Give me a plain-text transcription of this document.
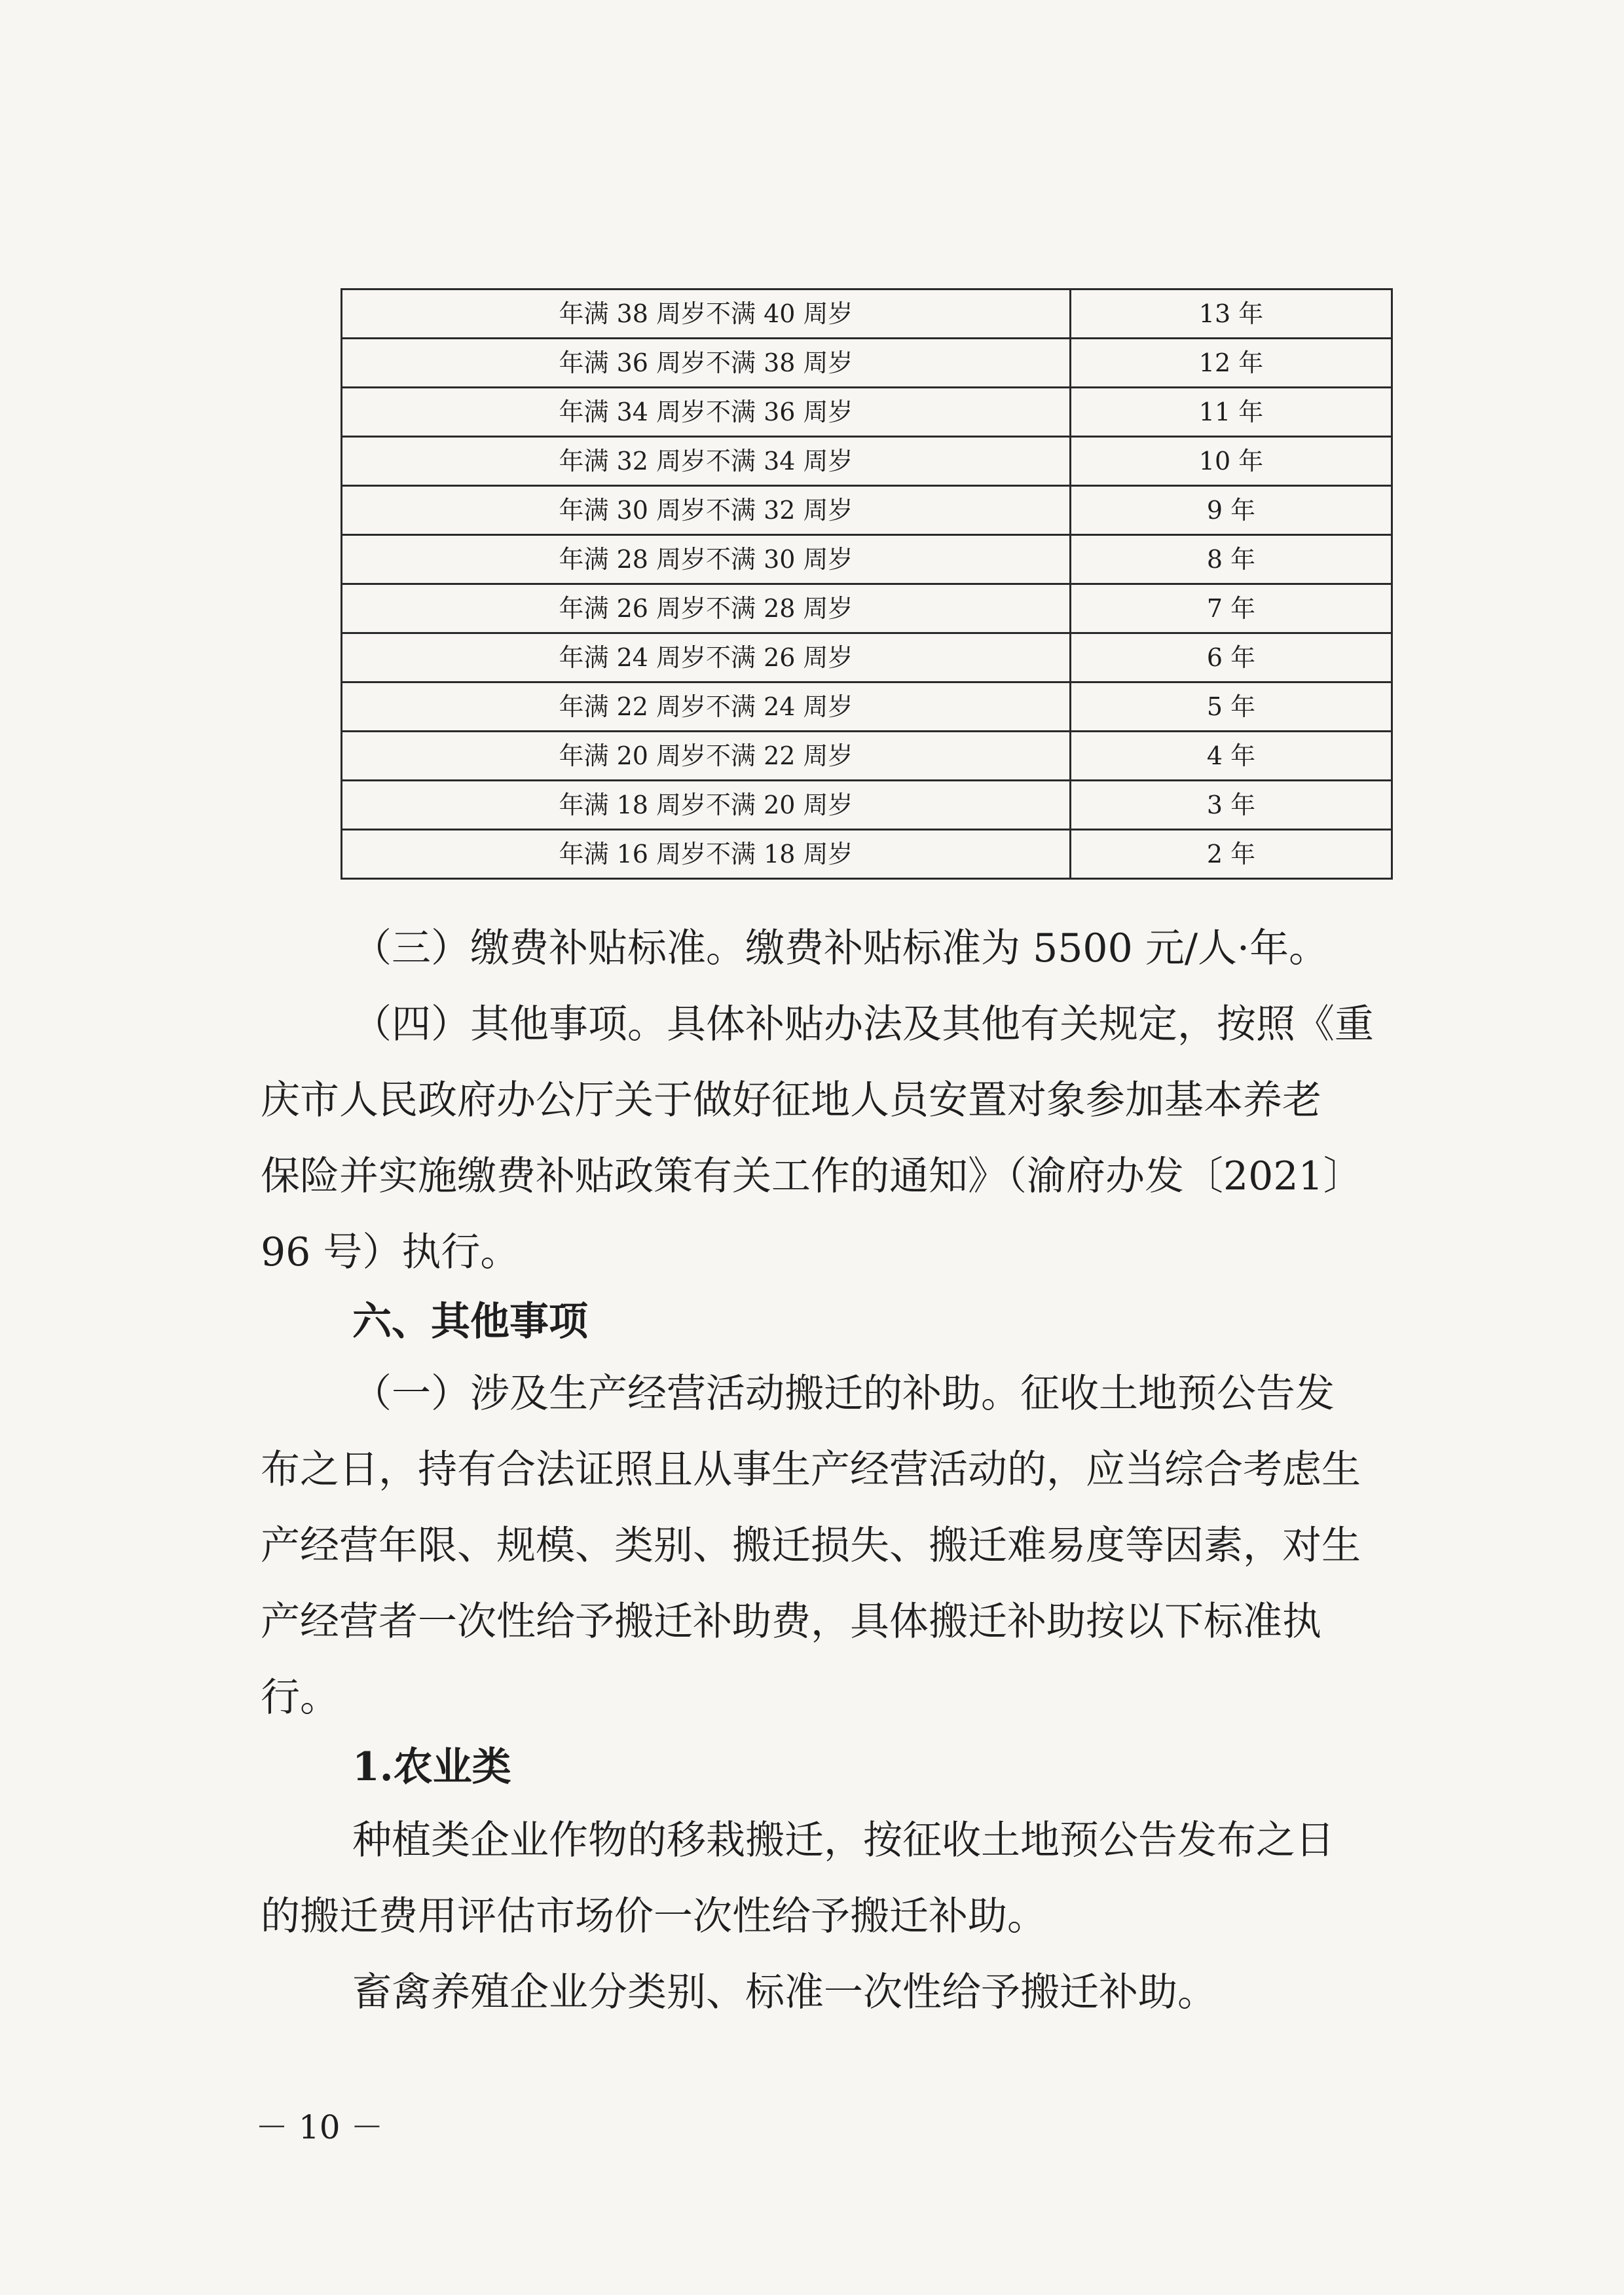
年满 38 周岁不满 40 周岁	13 年
年满 36 周岁不满 38 周岁	12 年
年满 34 周岁不满 36 周岁	11 年
年满 32 周岁不满 34 周岁	10 年
年满 30 周岁不满 32 周岁	9 年
年满 28 周岁不满 30 周岁	8 年
年满 26 周岁不满 28 周岁	7 年
年满 24 周岁不满 26 周岁	6 年
年满 22 周岁不满 24 周岁	5 年
年满 20 周岁不满 22 周岁	4 年
年满 18 周岁不满 20 周岁	3 年
年满 16 周岁不满 18 周岁	2 年
（三）缴费补贴标准。缴费补贴标准为 5500 元/人·年。
（四）其他事项。具体补贴办法及其他有关规定，按照《重
庆市人民政府办公厅关于做好征地人员安置对象参加基本养老
保险并实施缴费补贴政策有关工作的通知》（渝府办发〔2021〕
96 号）执行。
六、其他事项
（一）涉及生产经营活动搬迁的补助。征收土地预公告发
布之日，持有合法证照且从事生产经营活动的，应当综合考虑生
产经营年限、规模、类别、搬迁损失、搬迁难易度等因素，对生
产经营者一次性给予搬迁补助费，具体搬迁补助按以下标准执
行。
1.农业类
种植类企业作物的移栽搬迁，按征收土地预公告发布之日
的搬迁费用评估市场价一次性给予搬迁补助。
畜禽养殖企业分类别、标准一次性给予搬迁补助。
－ 10 －
